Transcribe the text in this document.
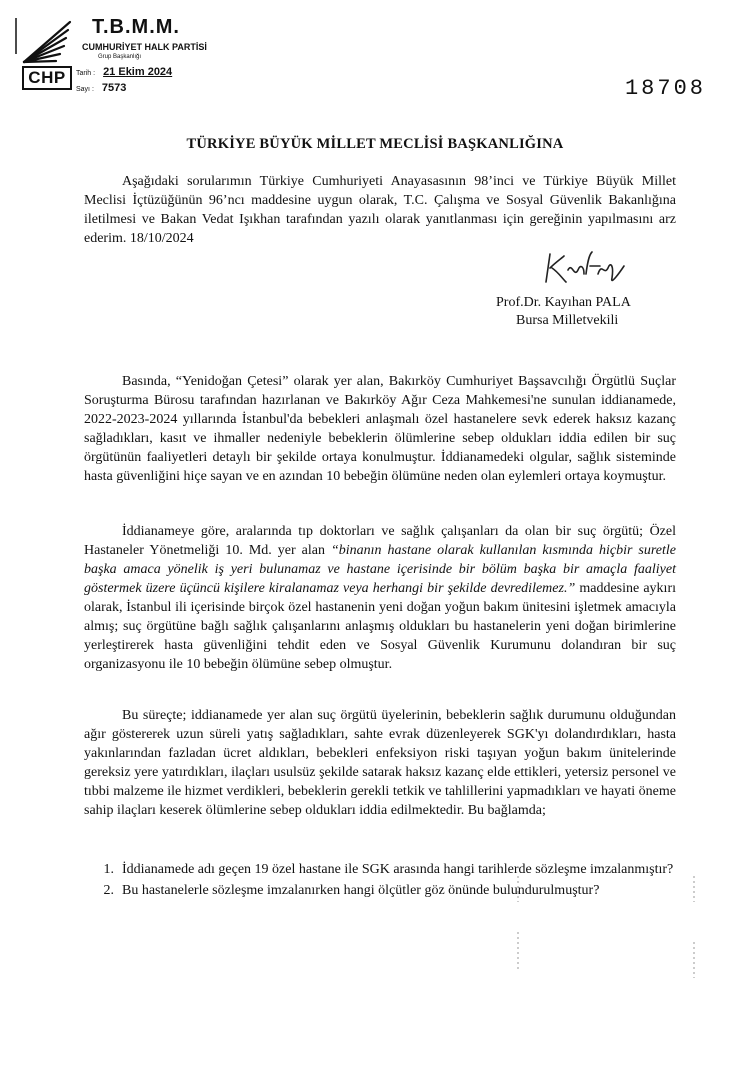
CHP
T.B.M.M.
CUMHURİYET HALK PARTİSİ
Grup Başkanlığı
Tarih : 21 Ekim 2024
Sayı : 7573	18708
TÜRKİYE BÜYÜK MİLLET MECLİSİ BAŞKANLIĞINA

Aşağıdaki sorularımın Türkiye Cumhuriyeti Anayasasının 98’inci ve Türkiye Büyük Millet Meclisi İçtüzüğünün 96’ncı maddesine uygun olarak, T.C. Çalışma ve Sosyal Güvenlik Bakanlığına iletilmesi ve Bakan Vedat Işıkhan tarafından yazılı olarak yanıtlanması için gereğinin yapılmasını arz ederim. 18/10/2024

Prof.Dr. Kayıhan PALA
Bursa Milletvekili

Basında, “Yenidoğan Çetesi” olarak yer alan, Bakırköy Cumhuriyet Başsavcılığı Örgütlü Suçlar Soruşturma Bürosu tarafından hazırlanan ve Bakırköy Ağır Ceza Mahkemesi'ne sunulan iddianamede, 2022-2023-2024 yıllarında İstanbul'da bebekleri anlaşmalı özel hastanelere sevk ederek haksız kazanç sağladıkları, kasıt ve ihmaller nedeniyle bebeklerin ölümlerine sebep oldukları iddia edilen bir suç örgütünün faaliyetleri detaylı bir şekilde ortaya konulmuştur. İddianamedeki olgular, sağlık sisteminde hasta güvenliğini hiçe sayan ve en azından 10 bebeğin ölümüne neden olan eylemleri ortaya koymuştur.

İddianameye göre, aralarında tıp doktorları ve sağlık çalışanları da olan bir suç örgütü; Özel Hastaneler Yönetmeliği 10. Md. yer alan “binanın hastane olarak kullanılan kısmında hiçbir suretle başka amaca yönelik iş yeri bulunamaz ve hastane içerisinde bir bölüm başka bir amaçla faaliyet göstermek üzere üçüncü kişilere kiralanamaz veya herhangi bir şekilde devredilemez.” maddesine aykırı olarak, İstanbul ili içerisinde birçok özel hastanenin yeni doğan yoğun bakım ünitesini işletmek amacıyla almış; suç örgütüne bağlı sağlık çalışanlarını anlaşmış oldukları bu hastanelerin yeni doğan birimlerine yerleştirerek hasta güvenliğini tehdit eden ve Sosyal Güvenlik Kurumunu dolandıran bir suç organizasyonu ile 10 bebeğin ölümüne sebep olmuştur.

Bu süreçte; iddianamede yer alan suç örgütü üyelerinin, bebeklerin sağlık durumunu olduğundan ağır göstererek uzun süreli yatış sağladıkları, sahte evrak düzenleyerek SGK'yı dolandırdıkları, hasta yakınlarından fazladan ücret aldıkları, bebekleri enfeksiyon riski taşıyan yoğun bakım ünitelerinde gereksiz yere yatırdıkları, ilaçları usulsüz şekilde satarak haksız kazanç elde ettikleri, yetersiz personel ve tıbbi malzeme ile hizmet verdikleri, bebeklerin gerekli tetkik ve tahlillerini yapmadıkları ve hayati öneme sahip ilaçları keserek ölümlerine sebep oldukları iddia edilmektedir. Bu bağlamda;

1. İddianamede adı geçen 19 özel hastane ile SGK arasında hangi tarihlerde sözleşme imzalanmıştır?
2. Bu hastanelerle sözleşme imzalanırken hangi ölçütler göz önünde bulundurulmuştur?
